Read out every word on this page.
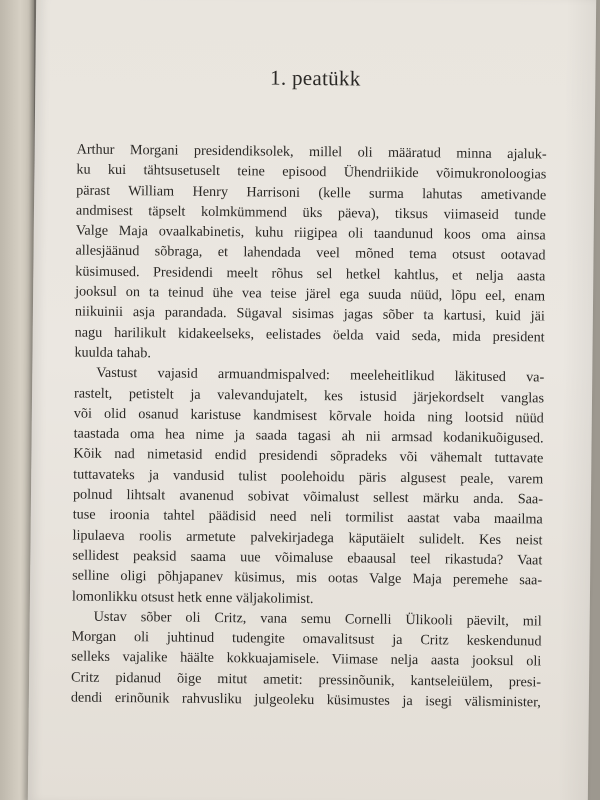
1. peatükk
Arthur Morgani presidendiksolek, millel oli määratud minna ajaluk-
ku kui tähtsusetuselt teine episood Ühendriikide võimukronoloogias
pärast William Henry Harrisoni (kelle surma lahutas ametivande
andmisest täpselt kolmkümmend üks päeva), tiksus viimaseid tunde
Valge Maja ovaalkabinetis, kuhu riigipea oli taandunud koos oma ainsa
allesjäänud sõbraga, et lahendada veel mõned tema otsust ootavad
küsimused. Presidendi meelt rõhus sel hetkel kahtlus, et nelja aasta
jooksul on ta teinud ühe vea teise järel ega suuda nüüd, lõpu eel, enam
niikuinii asja parandada. Sügaval sisimas jagas sõber ta kartusi, kuid jäi
nagu harilikult kidakeelseks, eelistades öelda vaid seda, mida president
kuulda tahab.
Vastust vajasid armuandmispalved: meeleheitlikud läkitused va-
rastelt, petistelt ja valevandujatelt, kes istusid järjekordselt vanglas
või olid osanud karistuse kandmisest kõrvale hoida ning lootsid nüüd
taastada oma hea nime ja saada tagasi ah nii armsad kodanikuõigused.
Kõik nad nimetasid endid presidendi sõpradeks või vähemalt tuttavate
tuttavateks ja vandusid tulist poolehoidu päris algusest peale, varem
polnud lihtsalt avanenud sobivat võimalust sellest märku anda. Saa-
tuse iroonia tahtel päädisid need neli tormilist aastat vaba maailma
lipulaeva roolis armetute palvekirjadega käputäielt sulidelt. Kes neist
sellidest peaksid saama uue võimaluse ebaausal teel rikastuda? Vaat
selline oligi põhjapanev küsimus, mis ootas Valge Maja peremehe saa-
lomonlikku otsust hetk enne väljakolimist.
Ustav sõber oli Critz, vana semu Cornelli Ülikooli päevilt, mil
Morgan oli juhtinud tudengite omavalitsust ja Critz keskendunud
selleks vajalike häälte kokkuajamisele. Viimase nelja aasta jooksul oli
Critz pidanud õige mitut ametit: pressinõunik, kantseleiülem, presi-
dendi erinõunik rahvusliku julgeoleku küsimustes ja isegi välisminister,
